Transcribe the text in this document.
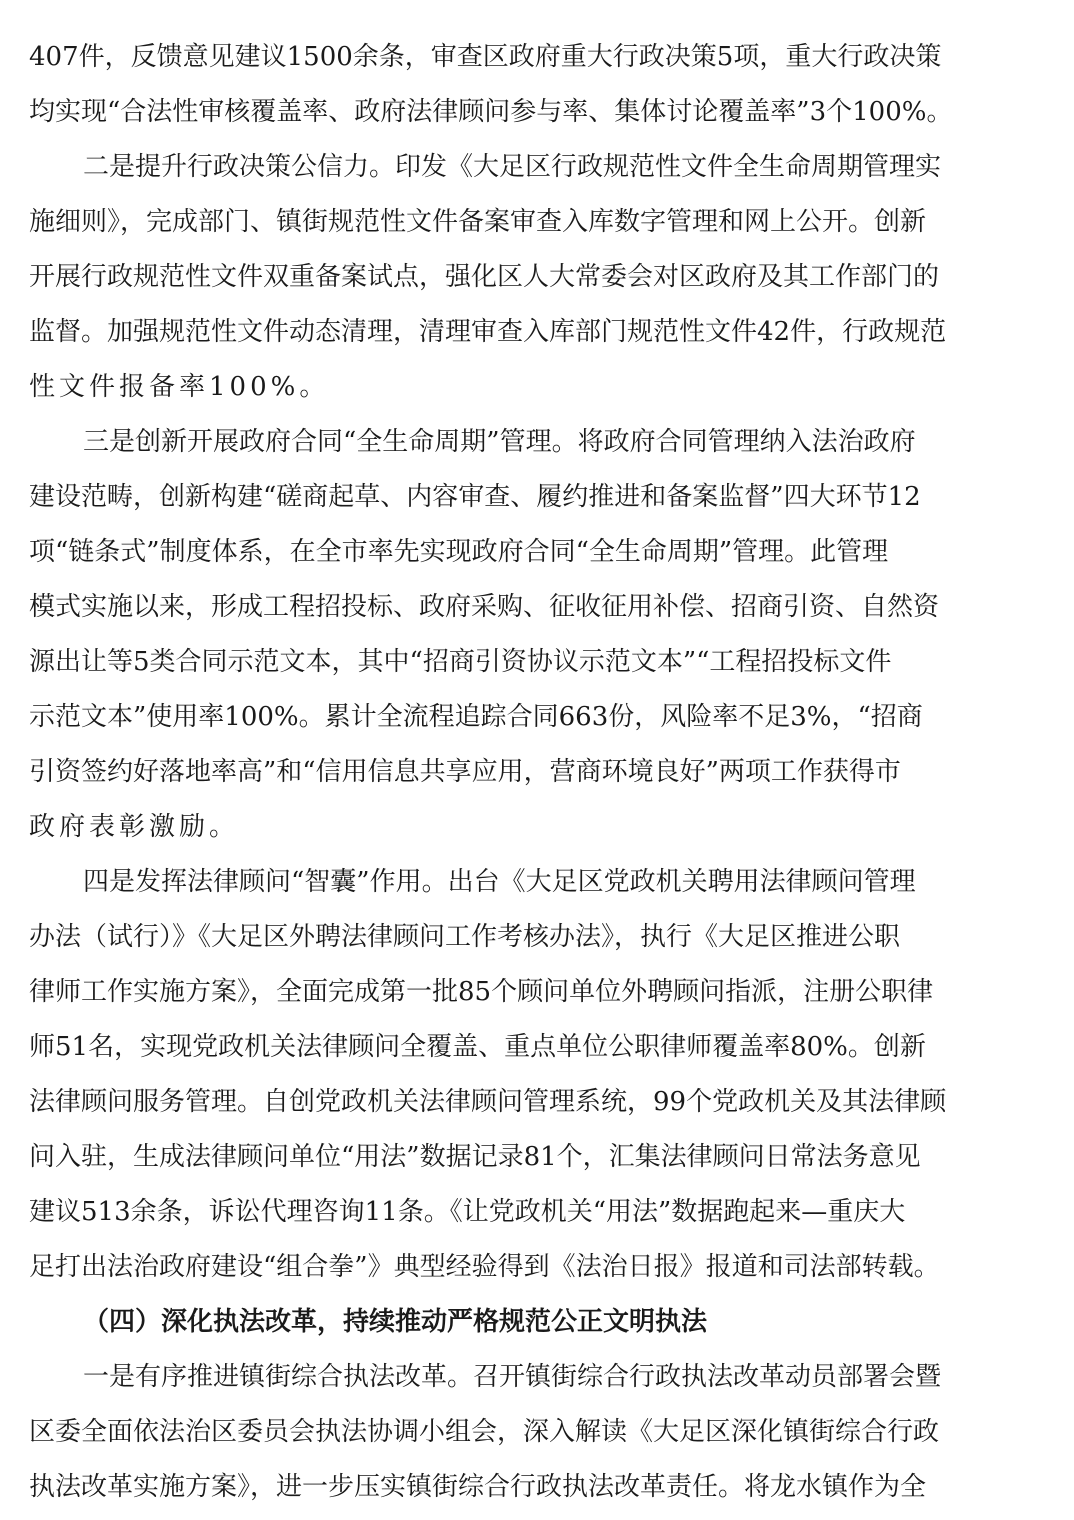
407件，反馈意见建议1500余条，审查区政府重大行政决策5项，重大行政决策
均实现“合法性审核覆盖率、政府法律顾问参与率、集体讨论覆盖率”3个100%。
二是提升行政决策公信力。印发《大足区行政规范性文件全生命周期管理实
施细则》，完成部门、镇街规范性文件备案审查入库数字管理和网上公开。创新
开展行政规范性文件双重备案试点，强化区人大常委会对区政府及其工作部门的
监督。加强规范性文件动态清理，清理审查入库部门规范性文件42件，行政规范
性文件报备率100%。
三是创新开展政府合同“全生命周期”管理。将政府合同管理纳入法治政府
建设范畴，创新构建“磋商起草、内容审查、履约推进和备案监督”四大环节12
项“链条式”制度体系，在全市率先实现政府合同“全生命周期”管理。此管理
模式实施以来，形成工程招投标、政府采购、征收征用补偿、招商引资、自然资
源出让等5类合同示范文本，其中“招商引资协议示范文本”“工程招投标文件
示范文本”使用率100%。累计全流程追踪合同663份，风险率不足3%，“招商
引资签约好落地率高”和“信用信息共享应用，营商环境良好”两项工作获得市
政府表彰激励。
四是发挥法律顾问“智囊”作用。出台《大足区党政机关聘用法律顾问管理
办法（试行）》《大足区外聘法律顾问工作考核办法》，执行《大足区推进公职
律师工作实施方案》，全面完成第一批85个顾问单位外聘顾问指派，注册公职律
师51名，实现党政机关法律顾问全覆盖、重点单位公职律师覆盖率80%。创新
法律顾问服务管理。自创党政机关法律顾问管理系统，99个党政机关及其法律顾
问入驻，生成法律顾问单位“用法”数据记录81个，汇集法律顾问日常法务意见
建议513余条，诉讼代理咨询11条。《让党政机关“用法”数据跑起来—重庆大
足打出法治政府建设“组合拳”》典型经验得到《法治日报》报道和司法部转载。
（四）深化执法改革，持续推动严格规范公正文明执法
一是有序推进镇街综合执法改革。召开镇街综合行政执法改革动员部署会暨
区委全面依法治区委员会执法协调小组会，深入解读《大足区深化镇街综合行政
执法改革实施方案》，进一步压实镇街综合行政执法改革责任。将龙水镇作为全
